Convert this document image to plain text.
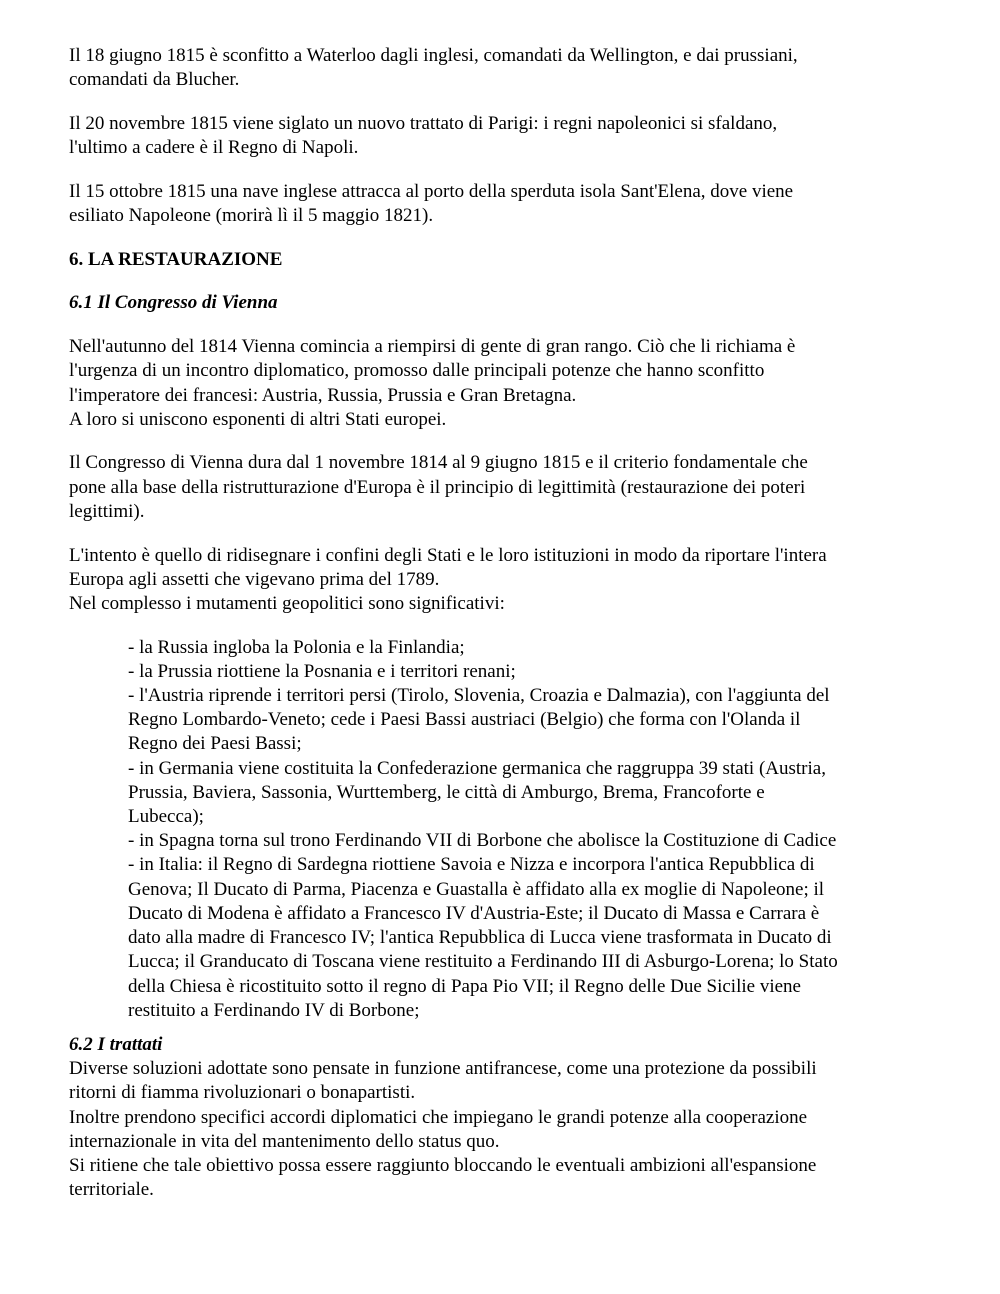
Il 18 giugno 1815 è sconfitto a Waterloo dagli inglesi, comandati da Wellington, e dai prussiani,
comandati da Blucher.

Il 20 novembre 1815 viene siglato un nuovo trattato di Parigi: i regni napoleonici si sfaldano,
l'ultimo a cadere è il Regno di Napoli.

Il 15 ottobre 1815 una nave inglese attracca al porto della sperduta isola Sant'Elena, dove viene
esiliato Napoleone (morirà lì il 5 maggio 1821).

6. LA RESTAURAZIONE
6.1 Il Congresso di Vienna

Nell'autunno del 1814 Vienna comincia a riempirsi di gente di gran rango. Ciò che li richiama è
l'urgenza di un incontro diplomatico, promosso dalle principali potenze che hanno sconfitto
l'imperatore dei francesi: Austria, Russia, Prussia e Gran Bretagna.
A loro si uniscono esponenti di altri Stati europei.

Il Congresso di Vienna dura dal 1 novembre 1814 al 9 giugno 1815 e il criterio fondamentale che
pone alla base della ristrutturazione d'Europa è il principio di legittimità (restaurazione dei poteri
legittimi).

L'intento è quello di ridisegnare i confini degli Stati e le loro istituzioni in modo da riportare l'intera
Europa agli assetti che vigevano prima del 1789.
Nel complesso i mutamenti geopolitici sono significativi:

- la Russia ingloba la Polonia e la Finlandia;
- la Prussia riottiene la Posnania e i territori renani;
- l'Austria riprende i territori persi (Tirolo, Slovenia, Croazia e Dalmazia), con l'aggiunta del
Regno Lombardo-Veneto; cede i Paesi Bassi austriaci (Belgio) che forma con l'Olanda il
Regno dei Paesi Bassi;
- in Germania viene costituita la Confederazione germanica che raggruppa 39 stati (Austria,
Prussia, Baviera, Sassonia, Wurttemberg, le città di Amburgo, Brema, Francoforte e
Lubecca);
- in Spagna torna sul trono Ferdinando VII di Borbone che abolisce la Costituzione di Cadice
- in Italia: il Regno di Sardegna riottiene Savoia e Nizza e incorpora l'antica Repubblica di
Genova; Il Ducato di Parma, Piacenza e Guastalla è affidato alla ex moglie di Napoleone; il
Ducato di Modena è affidato a Francesco IV d'Austria-Este; il Ducato di Massa e Carrara è
dato alla madre di Francesco IV; l'antica Repubblica di Lucca viene trasformata in Ducato di
Lucca; il Granducato di Toscana viene restituito a Ferdinando III di Asburgo-Lorena; lo Stato
della Chiesa è ricostituito sotto il regno di Papa Pio VII; il Regno delle Due Sicilie viene
restituito a Ferdinando IV di Borbone;
6.2 I trattati
Diverse soluzioni adottate sono pensate in funzione antifrancese, come una protezione da possibili
ritorni di fiamma rivoluzionari o bonapartisti.
Inoltre prendono specifici accordi diplomatici che impiegano le grandi potenze alla cooperazione
internazionale in vita del mantenimento dello status quo.
Si ritiene che tale obiettivo possa essere raggiunto bloccando le eventuali ambizioni all'espansione
territoriale.
